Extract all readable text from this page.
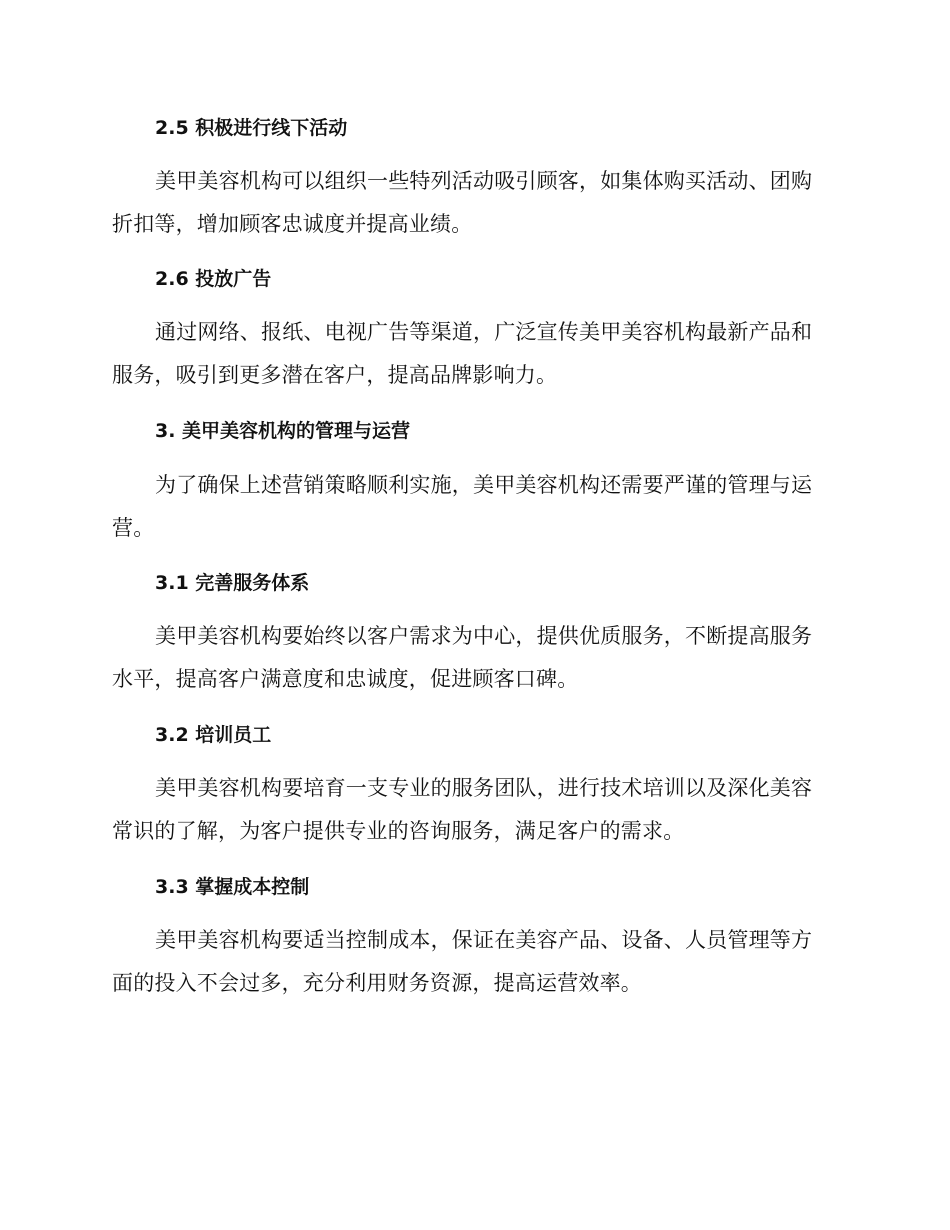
2.5 积极进行线下活动

美甲美容机构可以组织一些特列活动吸引顾客，如集体购买活动、团购折扣等，增加顾客忠诚度并提高业绩。

2.6 投放广告

通过网络、报纸、电视广告等渠道，广泛宣传美甲美容机构最新产品和服务，吸引到更多潜在客户，提高品牌影响力。

3. 美甲美容机构的管理与运营

为了确保上述营销策略顺利实施，美甲美容机构还需要严谨的管理与运营。

3.1 完善服务体系

美甲美容机构要始终以客户需求为中心，提供优质服务，不断提高服务水平，提高客户满意度和忠诚度，促进顾客口碑。

3.2 培训员工

美甲美容机构要培育一支专业的服务团队，进行技术培训以及深化美容常识的了解，为客户提供专业的咨询服务，满足客户的需求。

3.3 掌握成本控制

美甲美容机构要适当控制成本，保证在美容产品、设备、人员管理等方面的投入不会过多，充分利用财务资源，提高运营效率。
